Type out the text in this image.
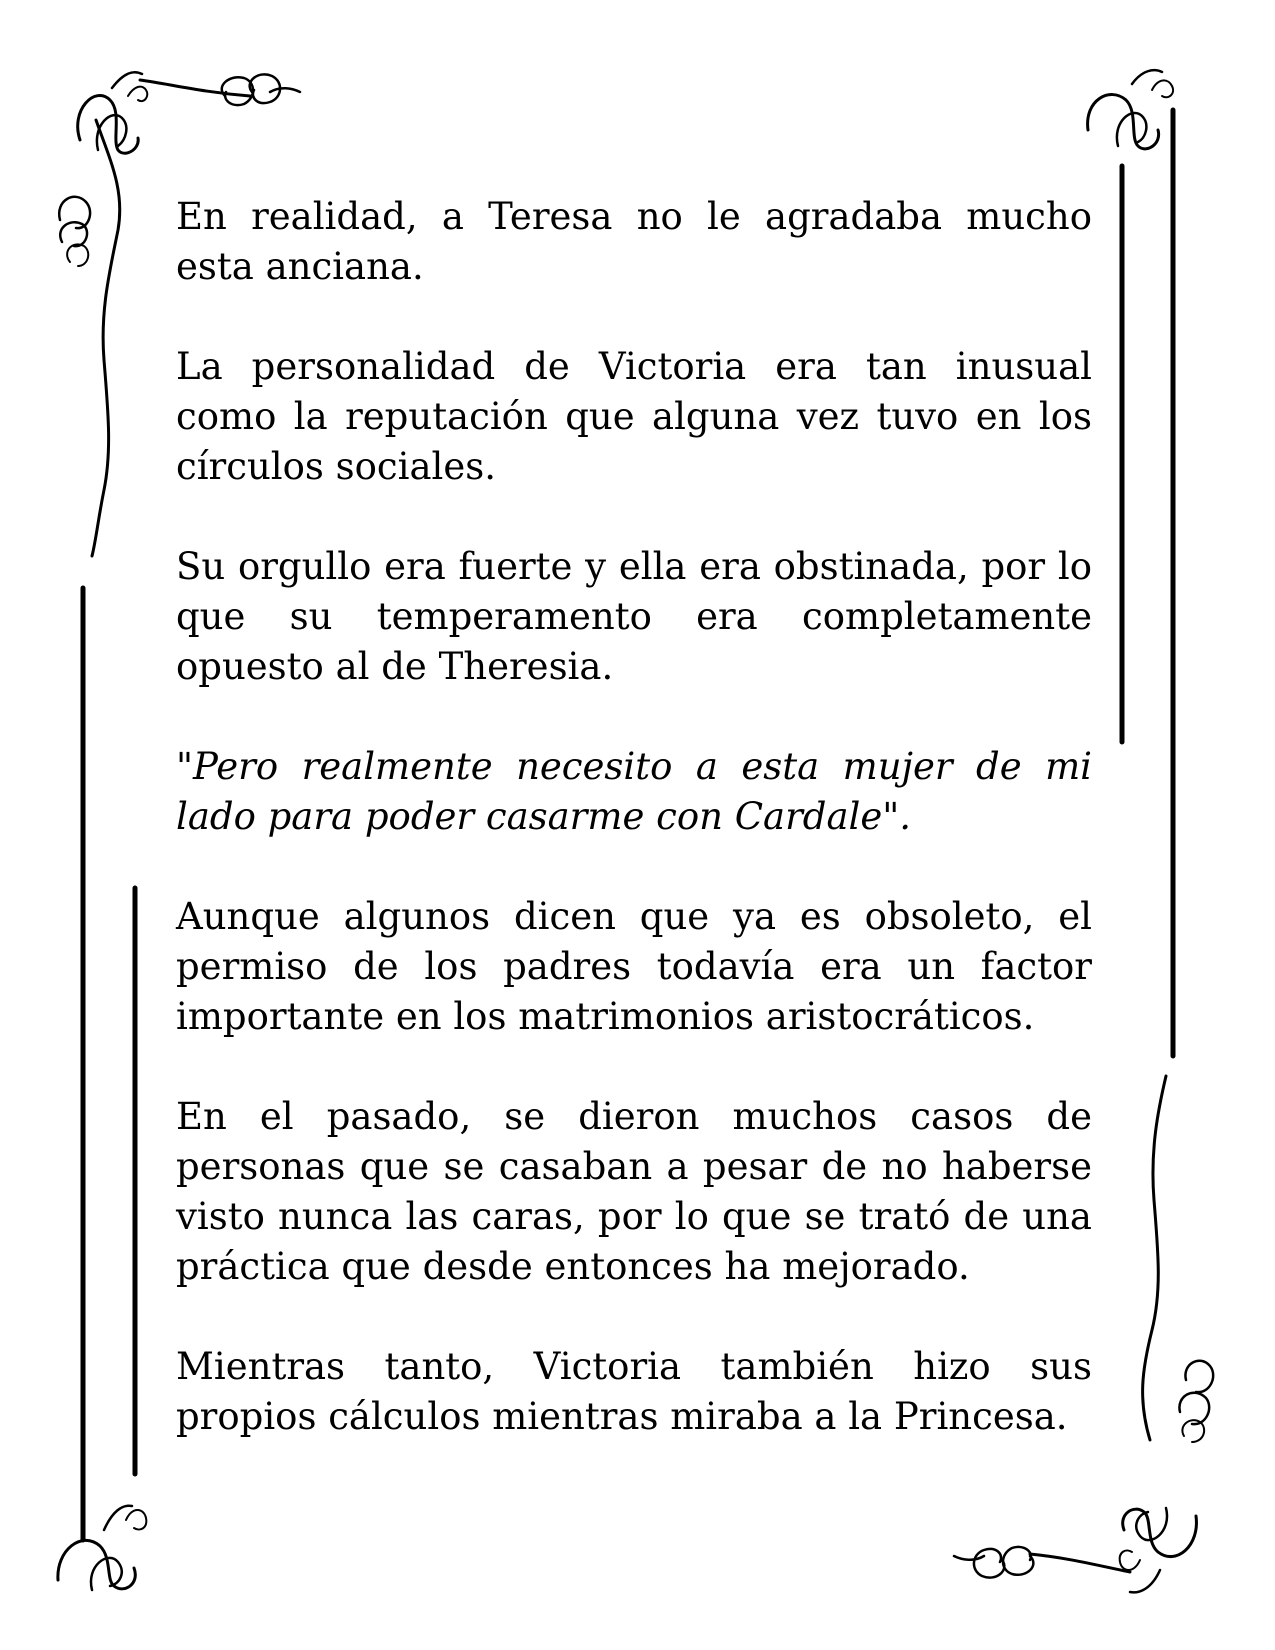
En realidad, a Teresa no le agradaba mucho esta anciana.

La personalidad de Victoria era tan inusual como la reputación que alguna vez tuvo en los círculos sociales.

Su orgullo era fuerte y ella era obstinada, por lo que su temperamento era completamente opuesto al de Theresia.

"Pero realmente necesito a esta mujer de mi lado para poder casarme con Cardale".

Aunque algunos dicen que ya es obsoleto, el permiso de los padres todavía era un factor importante en los matrimonios aristocráticos.

En el pasado, se dieron muchos casos de personas que se casaban a pesar de no haberse visto nunca las caras, por lo que se trató de una práctica que desde entonces ha mejorado.

Mientras tanto, Victoria también hizo sus propios cálculos mientras miraba a la Princesa.
